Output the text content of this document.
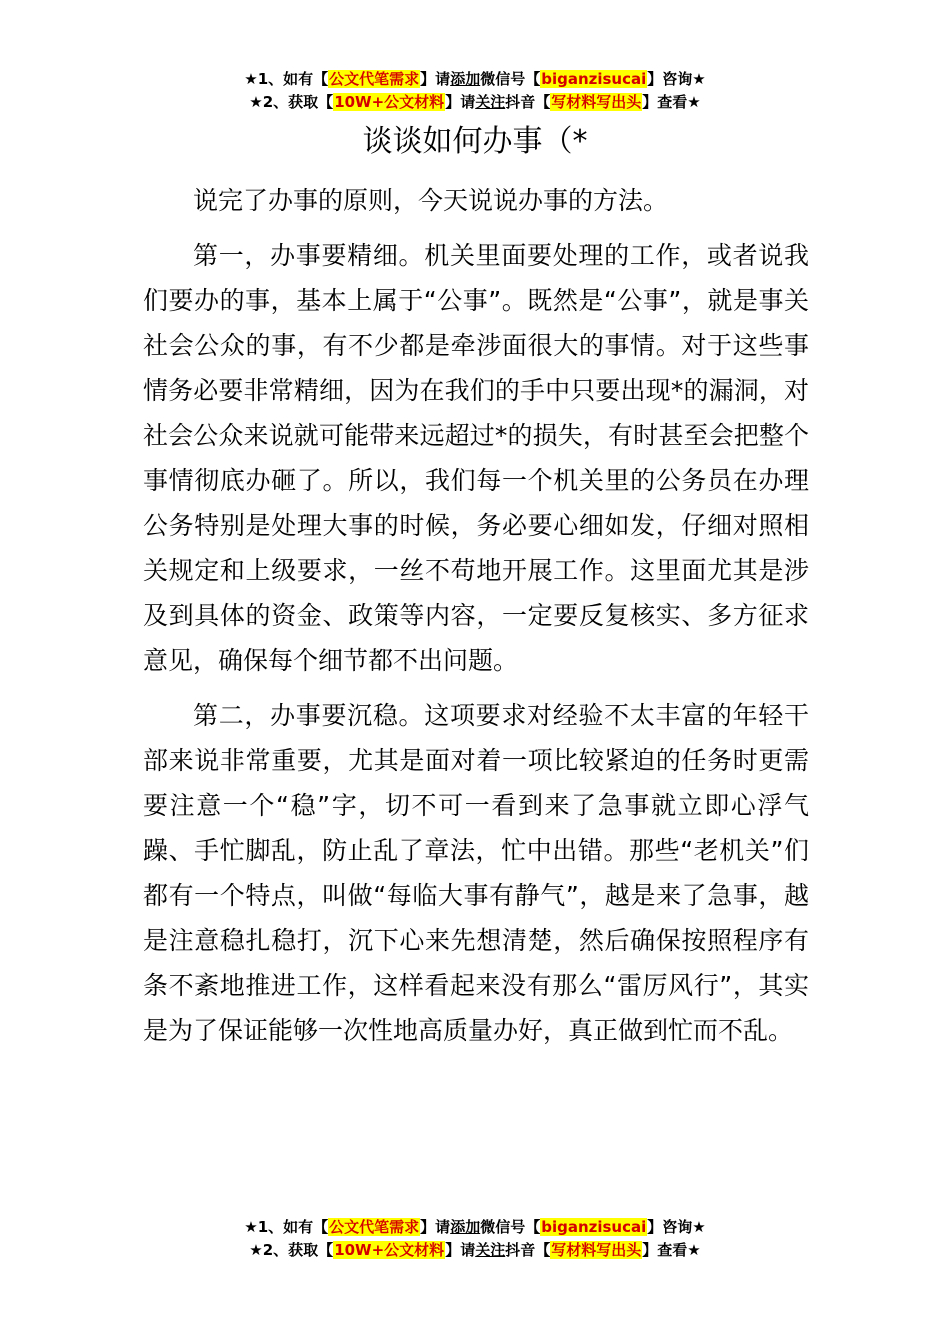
★1、如有【公文代笔需求】请添加微信号【biganzisucai】咨询★
★2、获取【10W+公文材料】请关注抖音【写材料写出头】查看★
谈谈如何办事（*

说完了办事的原则，今天说说办事的方法。

第一，办事要精细。机关里面要处理的工作，或者说我们要办的事，基本上属于“公事”。既然是“公事”，就是事关社会公众的事，有不少都是牵涉面很大的事情。对于这些事情务必要非常精细，因为在我们的手中只要出现*的漏洞，对社会公众来说就可能带来远超过*的损失，有时甚至会把整个事情彻底办砸了。所以，我们每一个机关里的公务员在办理公务特别是处理大事的时候，务必要心细如发，仔细对照相关规定和上级要求，一丝不苟地开展工作。这里面尤其是涉及到具体的资金、政策等内容，一定要反复核实、多方征求意见，确保每个细节都不出问题。

第二，办事要沉稳。这项要求对经验不太丰富的年轻干部来说非常重要，尤其是面对着一项比较紧迫的任务时更需要注意一个“稳”字，切不可一看到来了急事就立即心浮气躁、手忙脚乱，防止乱了章法，忙中出错。那些“老机关”们都有一个特点，叫做“每临大事有静气”，越是来了急事，越是注意稳扎稳打，沉下心来先想清楚，然后确保按照程序有条不紊地推进工作，这样看起来没有那么“雷厉风行”，其实是为了保证能够一次性地高质量办好，真正做到忙而不乱。

★1、如有【公文代笔需求】请添加微信号【biganzisucai】咨询★
★2、获取【10W+公文材料】请关注抖音【写材料写出头】查看★
